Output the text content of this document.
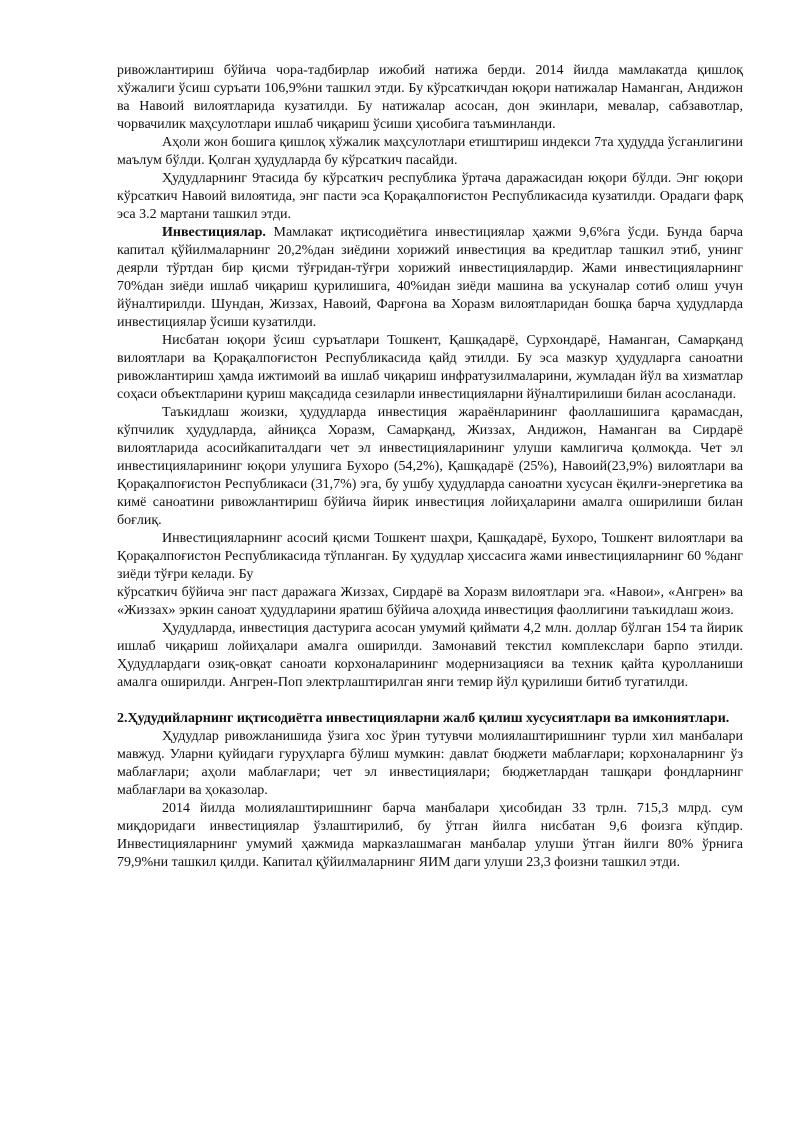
ривожлантириш бўйича чора-тадбирлар ижобий натижа берди. 2014 йилда мамлакатда қишлоқ хўжалиги ўсиш суръати 106,9%ни ташкил этди. Бу кўрсаткичдан юқори натижалар Наманган, Андижон ва Навоий вилоятларида кузатилди. Бу натижалар асосан, дон экинлари, мевалар, сабзавотлар, чорвачилик маҳсулотлари ишлаб чиқариш ўсиши ҳисобига таъминланди.

Аҳоли жон бошига қишлоқ хўжалик маҳсулотлари етиштириш индекси 7та ҳудудда ўсганлигини маълум бўлди. Қолган ҳудудларда бу кўрсаткич пасайди.

Ҳудудларнинг 9тасида бу кўрсаткич республика ўртача даражасидан юқори бўлди. Энг юқори кўрсаткич Навоий вилоятида, энг пасти эса Қорақалпоғистон Республикасида кузатилди. Орадаги фарқ эса 3.2 мартани ташкил этди.

Инвестициялар. Мамлакат иқтисодиётига инвестициялар ҳажми 9,6%га ўсди. Бунда барча капитал қўйилмаларнинг 20,2%дан зиёдини хорижий инвестиция ва кредитлар ташкил этиб, унинг деярли тўртдан бир қисми тўғридан-тўғри хорижий инвестициялардир. Жами инвестицияларнинг 70%дан зиёди ишлаб чиқариш қурилишига, 40%идан зиёди машина ва ускуналар сотиб олиш учун йўналтирилди. Шундан, Жиззах, Навоий, Фарғона ва Хоразм вилоятларидан бошқа барча ҳудудларда инвестициялар ўсиши кузатилди.

Нисбатан юқори ўсиш суръатлари Тошкент, Қашқадарё, Сурхондарё, Наманган, Самарқанд вилоятлари ва Қорақалпоғистон Республикасида қайд этилди. Бу эса мазкур ҳудудларга саноатни ривожлантириш ҳамда ижтимоий ва ишлаб чиқариш инфратузилмаларини, жумладан йўл ва хизматлар соҳаси объектларини қуриш мақсадида сезиларли инвестицияларни йўналтирилиши билан асосланади.

Таъкидлаш жоизки, ҳудудларда инвестиция жараёнларининг фаоллашишига қарамасдан, кўпчилик ҳудудларда, айниқса Хоразм, Самарқанд, Жиззах, Андижон, Наманган ва Сирдарё вилоятларида асосийкапиталдаги чет эл инвестицияларининг улуши камлигича қолмоқда. Чет эл инвестицияларининг юқори улушига Бухоро (54,2%), Қашқадарё (25%), Навоий(23,9%) вилоятлари ва Қорақалпоғистон Республикаси (31,7%) эга, бу ушбу ҳудудларда саноатни хусусан ёқилғи-энергетика ва кимё саноатини ривожлантириш бўйича йирик инвестиция лойиҳаларини амалга оширилиши билан боғлиқ.

Инвестицияларнинг асосий қисми Тошкент шаҳри, Қашқадарё, Бухоро, Тошкент вилоятлари ва Қорақалпоғистон Республикасида тўпланган. Бу ҳудудлар ҳиссасига жами инвестицияларнинг 60 %данг зиёди тўғри келади. Бу

кўрсаткич бўйича энг паст даражага Жиззах, Сирдарё ва Хоразм вилоятлари эга. «Навои», «Ангрен» ва «Жиззах» эркин саноат ҳудудларини яратиш бўйича алоҳида инвестиция фаоллигини таъкидлаш жоиз.

Ҳудудларда, инвестиция дастурига асосан умумий қиймати 4,2 млн. доллар бўлган 154 та йирик ишлаб чиқариш лойиҳалари амалга оширилди. Замонавий текстил комплекслари барпо этилди. Ҳудудлардаги озиқ-овқат саноати корхоналарининг модернизацияси ва техник қайта қуролланиши амалга оширилди. Ангрен-Поп электрлаштирилган янги темир йўл қурилиши битиб тугатилди.

2.Ҳудудийларнинг иқтисодиётга инвестицияларни жалб қилиш хусусиятлари ва имкониятлари.

Ҳудудлар ривожланишида ўзига хос ўрин тутувчи молиялаштиришнинг турли хил манбалари мавжуд. Уларни қуйидаги гуруҳларга бўлиш мумкин: давлат бюджети маблағлари; корхоналарнинг ўз маблағлари; аҳоли маблағлари; чет эл инвестициялари; бюджетлардан ташқари фондларнинг маблағлари ва ҳоказолар.

2014 йилда молиялаштиришнинг барча манбалари ҳисобидан 33 трлн. 715,3 млрд. сум миқдоридаги инвестициялар ўзлаштирилиб, бу ўтган йилга нисбатан 9,6 фоизга кўпдир. Инвестицияларнинг умумий ҳажмида марказлашмаган манбалар улуши ўтган йилги 80% ўрнига 79,9%ни ташкил қилди. Капитал қўйилмаларнинг ЯИМ даги улуши 23,3 фоизни ташкил этди.
